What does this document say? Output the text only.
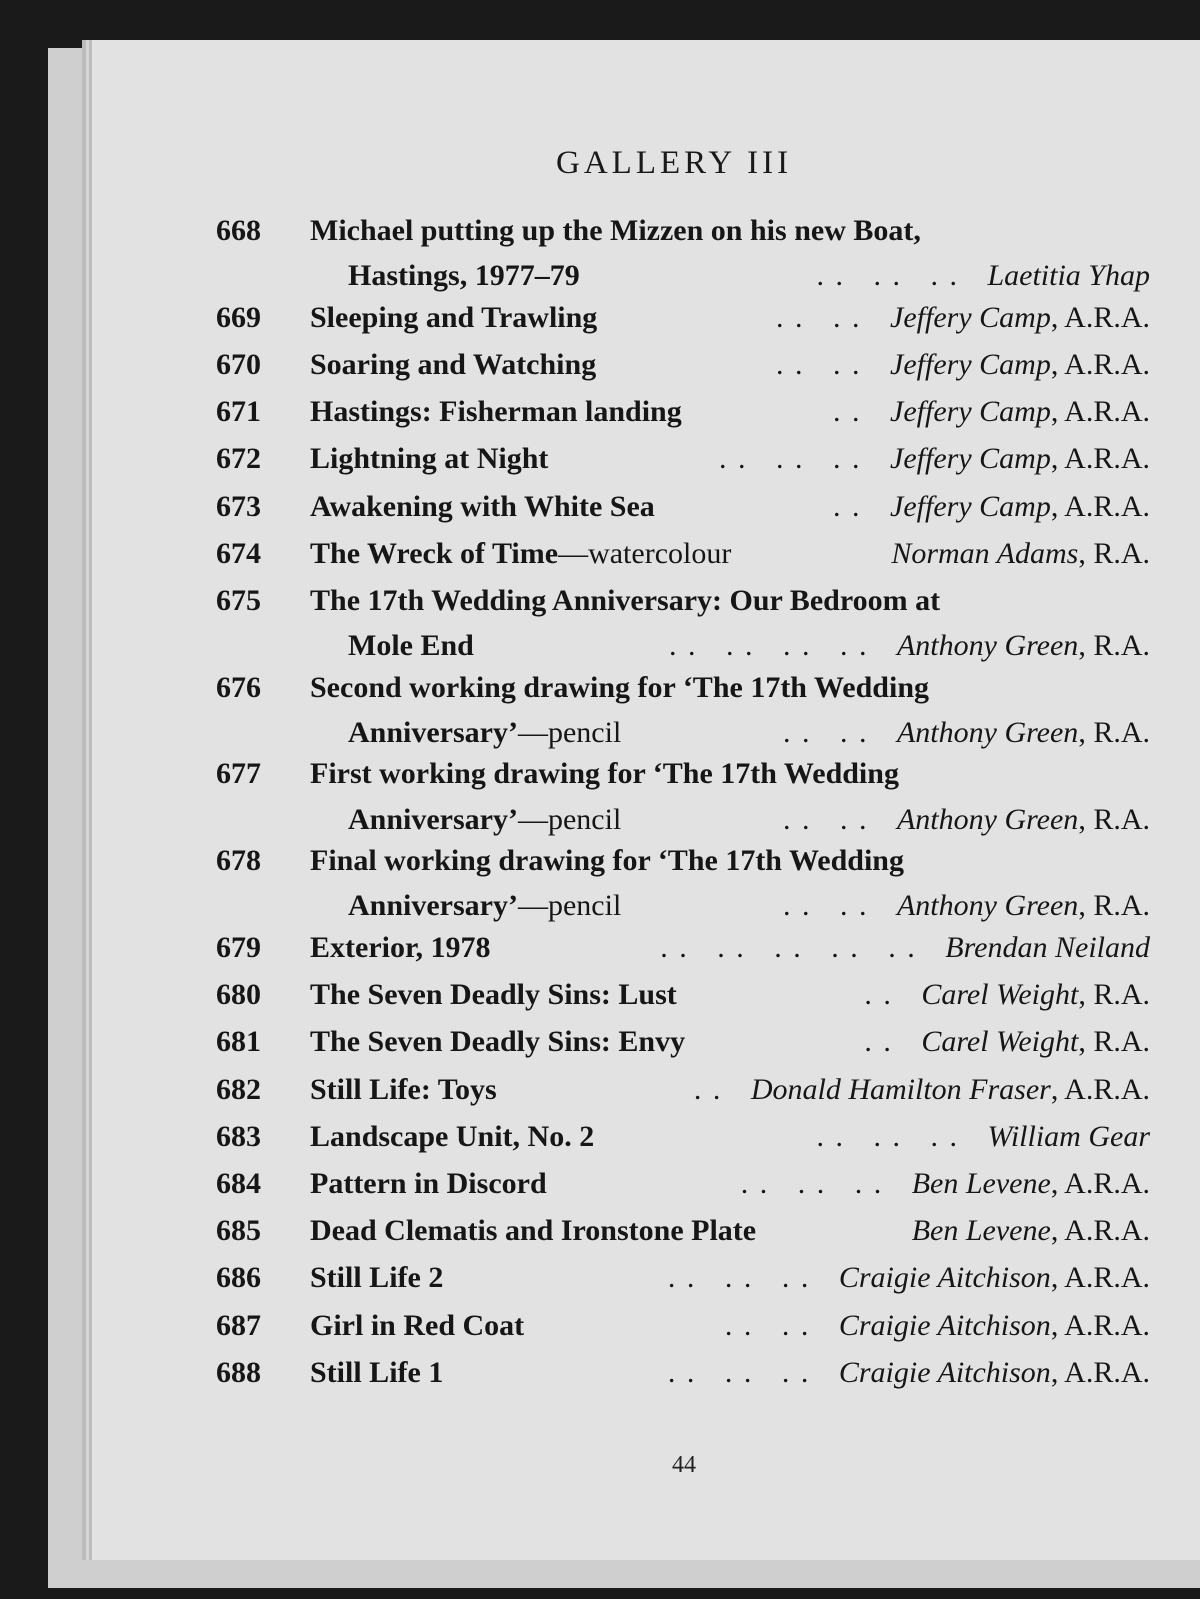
GALLERY III
668 Michael putting up the Mizzen on his new Boat,
Hastings, 1977–79	. .   . .   . .   Laetitia Yhap
669 Sleeping and Trawling	. .   . .   Jeffery Camp, A.R.A.
670 Soaring and Watching	. .   . .   Jeffery Camp, A.R.A.
671 Hastings: Fisherman landing	. .   Jeffery Camp, A.R.A.
672 Lightning at Night	. .   . .   . .   Jeffery Camp, A.R.A.
673 Awakening with White Sea	. .   Jeffery Camp, A.R.A.
674 The Wreck of Time—watercolour	Norman Adams, R.A.
675 The 17th Wedding Anniversary: Our Bedroom at
Mole End	. .   . .   . .   . .   Anthony Green, R.A.
676 Second working drawing for ‘The 17th Wedding
Anniversary’—pencil	. .   . .   Anthony Green, R.A.
677 First working drawing for ‘The 17th Wedding
Anniversary’—pencil	. .   . .   Anthony Green, R.A.
678 Final working drawing for ‘The 17th Wedding
Anniversary’—pencil	. .   . .   Anthony Green, R.A.
679 Exterior, 1978	. .   . .   . .   . .   . .   Brendan Neiland
680 The Seven Deadly Sins: Lust	. .   Carel Weight, R.A.
681 The Seven Deadly Sins: Envy	. .   Carel Weight, R.A.
682 Still Life: Toys	. .   Donald Hamilton Fraser, A.R.A.
683 Landscape Unit, No. 2	. .   . .   . .   William Gear
684 Pattern in Discord	. .   . .   . .   Ben Levene, A.R.A.
685 Dead Clematis and Ironstone Plate	Ben Levene, A.R.A.
686 Still Life 2	. .   . .   . .   Craigie Aitchison, A.R.A.
687 Girl in Red Coat	. .   . .   Craigie Aitchison, A.R.A.
688 Still Life 1	. .   . .   . .   Craigie Aitchison, A.R.A.
44
